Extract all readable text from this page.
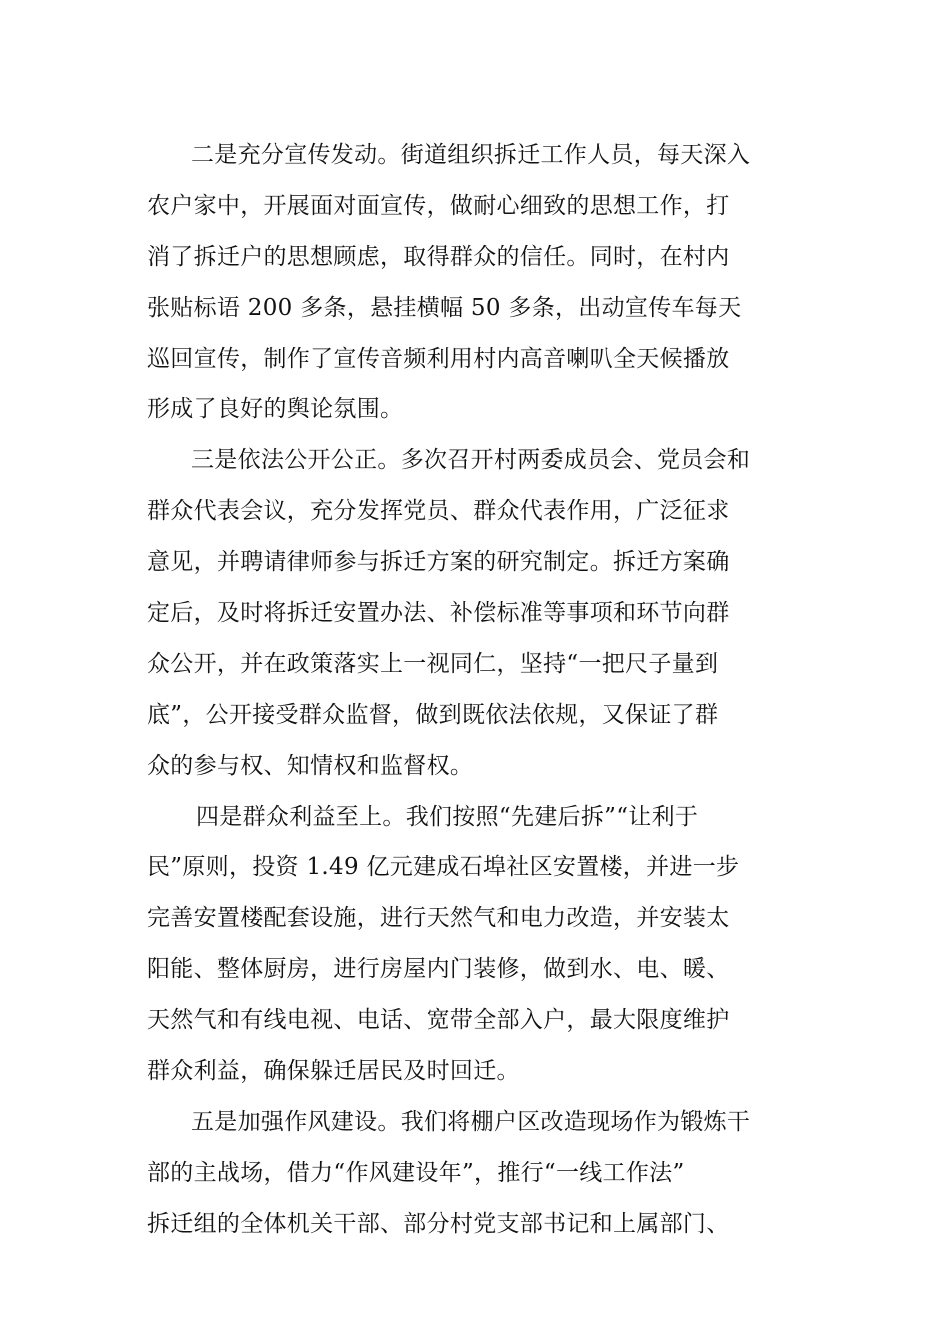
二是充分宣传发动。街道组织拆迁工作人员，每天深入
农户家中，开展面对面宣传，做耐心细致的思想工作，打
消了拆迁户的思想顾虑，取得群众的信任。同时，在村内
张贴标语 200 多条，悬挂横幅 50 多条，出动宣传车每天
巡回宣传，制作了宣传音频利用村内高音喇叭全天候播放
形成了良好的舆论氛围。
三是依法公开公正。多次召开村两委成员会、党员会和
群众代表会议，充分发挥党员、群众代表作用，广泛征求
意见，并聘请律师参与拆迁方案的研究制定。拆迁方案确
定后，及时将拆迁安置办法、补偿标准等事项和环节向群
众公开，并在政策落实上一视同仁，坚持“一把尺子量到
底”，公开接受群众监督，做到既依法依规，又保证了群
众的参与权、知情权和监督权。
四是群众利益至上。我们按照“先建后拆”“让利于
民”原则，投资 1.49 亿元建成石埠社区安置楼，并进一步
完善安置楼配套设施，进行天然气和电力改造，并安装太
阳能、整体厨房，进行房屋内门装修，做到水、电、暖、
天然气和有线电视、电话、宽带全部入户，最大限度维护
群众利益，确保躲迁居民及时回迁。
五是加强作风建设。我们将棚户区改造现场作为锻炼干
部的主战场，借力“作风建设年”，推行“一线工作法”
拆迁组的全体机关干部、部分村党支部书记和上属部门、
